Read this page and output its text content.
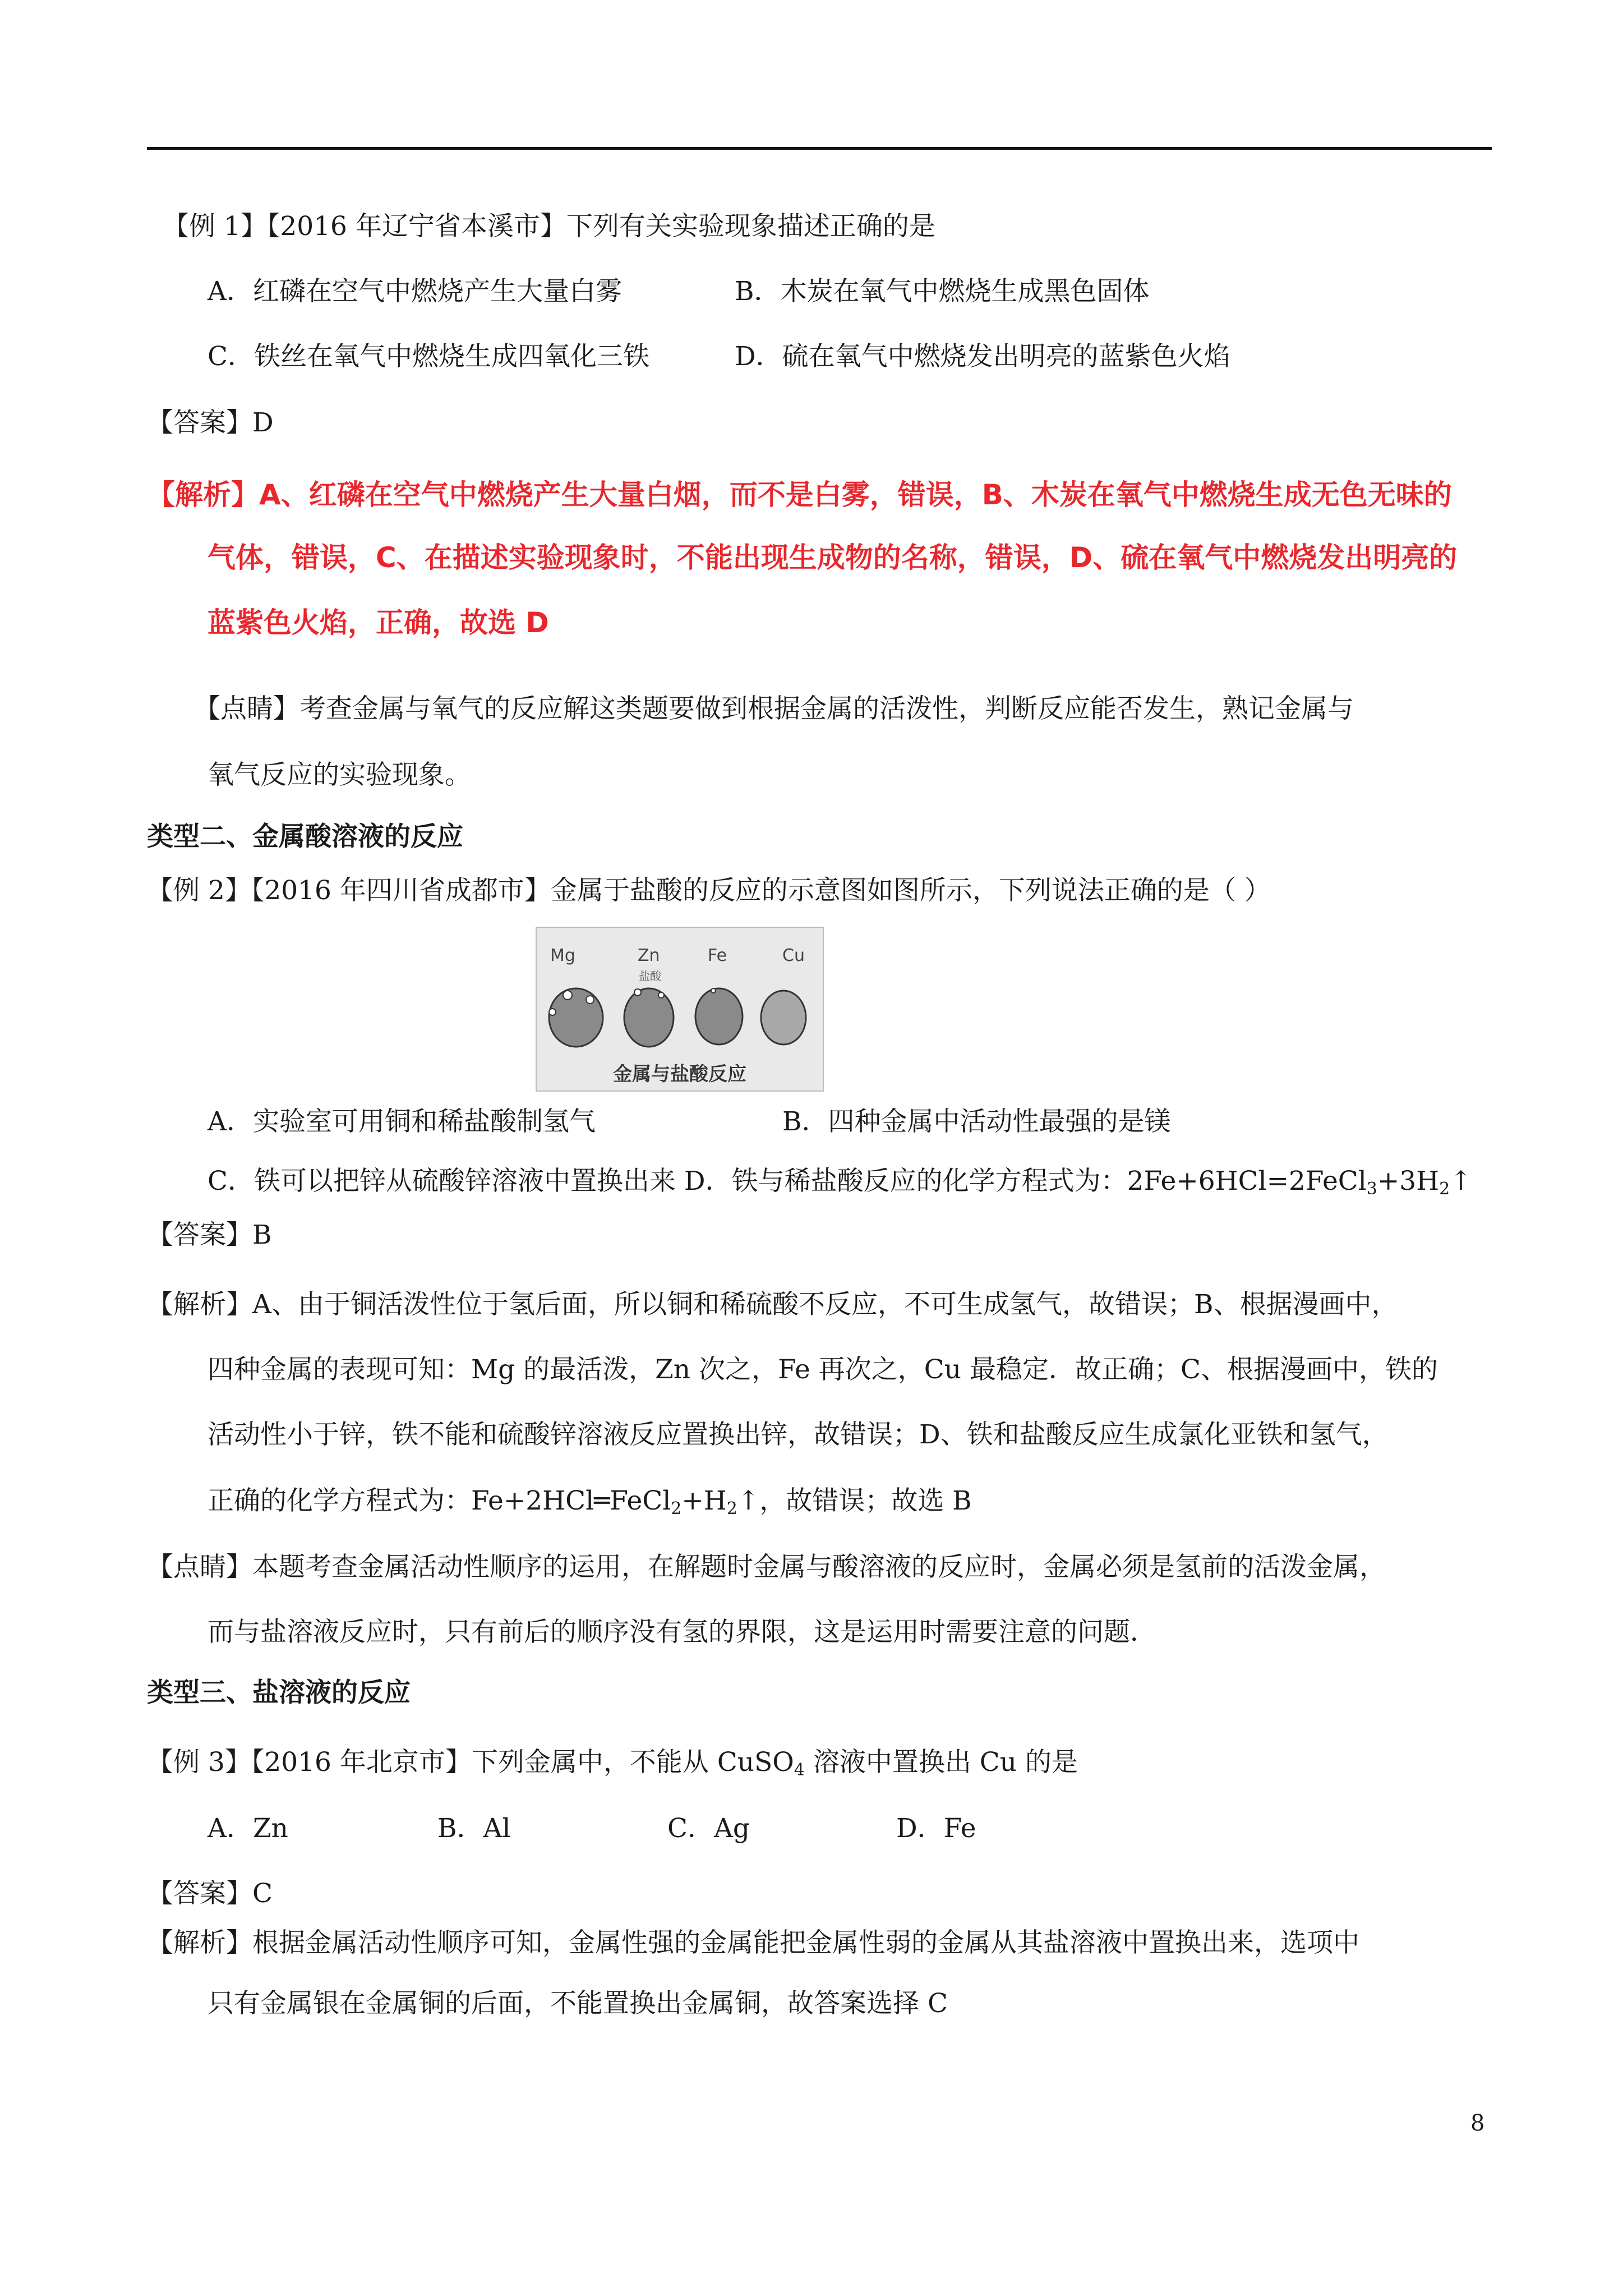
【例 1】【2016 年辽宁省本溪市】下列有关实验现象描述正确的是
A．红磷在空气中燃烧产生大量白雾	B．木炭在氧气中燃烧生成黑色固体
C．铁丝在氧气中燃烧生成四氧化三铁	D．硫在氧气中燃烧发出明亮的蓝紫色火焰
【答案】D
【解析】A、红磷在空气中燃烧产生大量白烟，而不是白雾，错误，B、木炭在氧气中燃烧生成无色无味的
气体，错误，C、在描述实验现象时，不能出现生成物的名称，错误，D、硫在氧气中燃烧发出明亮的
蓝紫色火焰，正确，故选 D
【点睛】考查金属与氧气的反应解这类题要做到根据金属的活泼性，判断反应能否发生，熟记金属与
氧气反应的实验现象。
类型二、金属酸溶液的反应
【例 2】【2016 年四川省成都市】金属于盐酸的反应的示意图如图所示，下列说法正确的是（ ）
Mg	Zn	Fe	Cu
盐酸
金属与盐酸反应
A．实验室可用铜和稀盐酸制氢气	B．四种金属中活动性最强的是镁
C．铁可以把锌从硫酸锌溶液中置换出来 D．铁与稀盐酸反应的化学方程式为：$2Fe+6HCl=2FeCl_3+3H_2↑$
【答案】B
【解析】A、由于铜活泼性位于氢后面，所以铜和稀硫酸不反应，不可生成氢气，故错误；B、根据漫画中，
四种金属的表现可知：Mg 的最活泼，Zn 次之，Fe 再次之，Cu 最稳定．故正确；C、根据漫画中，铁的
活动性小于锌，铁不能和硫酸锌溶液反应置换出锌，故错误；D、铁和盐酸反应生成氯化亚铁和氢气，
正确的化学方程式为：$Fe+2HCl═FeCl_2+H_2↑$，故错误；故选 B
【点睛】本题考查金属活动性顺序的运用，在解题时金属与酸溶液的反应时，金属必须是氢前的活泼金属，
而与盐溶液反应时，只有前后的顺序没有氢的界限，这是运用时需要注意的问题．
类型三、盐溶液的反应
【例 3】【2016 年北京市】下列金属中，不能从 CuSO$_4$ 溶液中置换出 Cu 的是
A．Zn	B．Al	C．Ag	D．Fe
【答案】C
【解析】根据金属活动性顺序可知，金属性强的金属能把金属性弱的金属从其盐溶液中置换出来，选项中
只有金属银在金属铜的后面，不能置换出金属铜，故答案选择 C
8
